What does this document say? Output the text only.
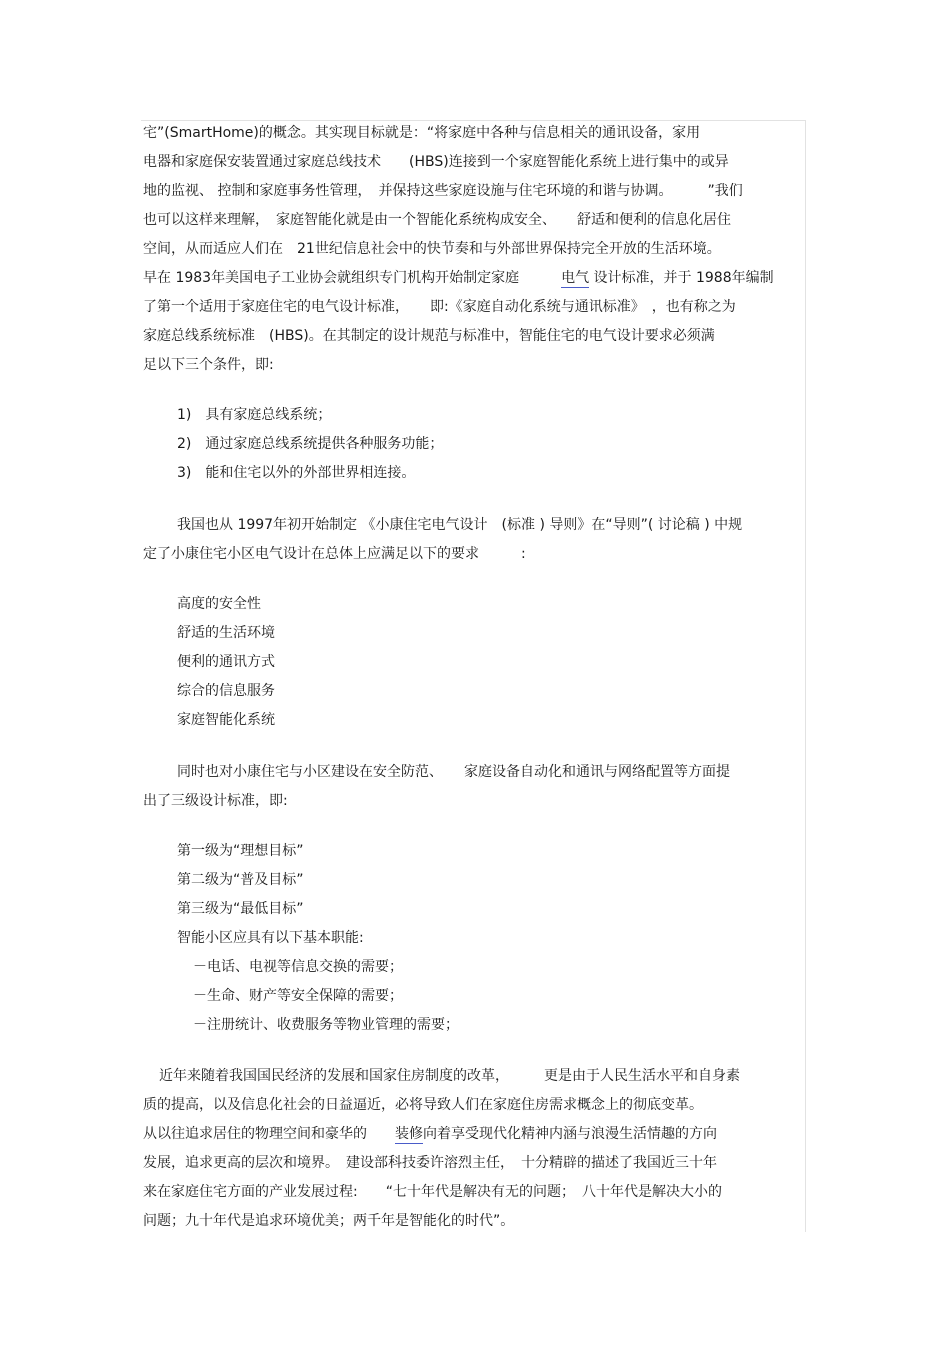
宅”(SmartHome)的概念。其实现目标就是：“将家庭中各种与信息相关的通讯设备，家用
电器和家庭保安装置通过家庭总线技术　　(HBS)连接到一个家庭智能化系统上进行集中的或异
地的监视、 控制和家庭事务性管理，　并保持这些家庭设施与住宅环境的和谐与协调。　　　”我们
也可以这样来理解，　家庭智能化就是由一个智能化系统构成安全、　　舒适和便利的信息化居住
空间，从而适应人们在　21世纪信息社会中的快节奏和与外部世界保持完全开放的生活环境。
早在 1983年美国电子工业协会就组织专门机构开始制定家庭　　　电气 设计标准，并于 1988年编制
了第一个适用于家庭住宅的电气设计标准，　　即:《家庭自动化系统与通讯标准》　，也有称之为
家庭总线系统标准　(HBS)。在其制定的设计规范与标准中，智能住宅的电气设计要求必须满
足以下三个条件，即:
1)　具有家庭总线系统；
2)　通过家庭总线系统提供各种服务功能；
3)　能和住宅以外的外部世界相连接。
我国也从 1997年初开始制定 《小康住宅电气设计　(标准 ) 导则》在“导则”( 讨论稿 ) 中规
定了小康住宅小区电气设计在总体上应满足以下的要求　　　:
高度的安全性
舒适的生活环境
便利的通讯方式
综合的信息服务
家庭智能化系统
同时也对小康住宅与小区建设在安全防范、　　家庭设备自动化和通讯与网络配置等方面提
出了三级设计标准，即:
第一级为“理想目标”
第二级为“普及目标”
第三级为“最低目标”
智能小区应具有以下基本职能:
－电话、电视等信息交换的需要；
－生命、财产等安全保障的需要；
－注册统计、收费服务等物业管理的需要；
近年来随着我国国民经济的发展和国家住房制度的改革，　　　更是由于人民生活水平和自身素
质的提高，以及信息化社会的日益逼近，必将导致人们在家庭住房需求概念上的彻底变革。
从以往追求居住的物理空间和豪华的　　装修向着享受现代化精神内涵与浪漫生活情趣的方向
发展，追求更高的层次和境界。　建设部科技委许溶烈主任，　十分精辟的描述了我国近三十年
来在家庭住宅方面的产业发展过程:　　“七十年代是解决有无的问题；　八十年代是解决大小的
问题；九十年代是追求环境优美；两千年是智能化的时代”。
